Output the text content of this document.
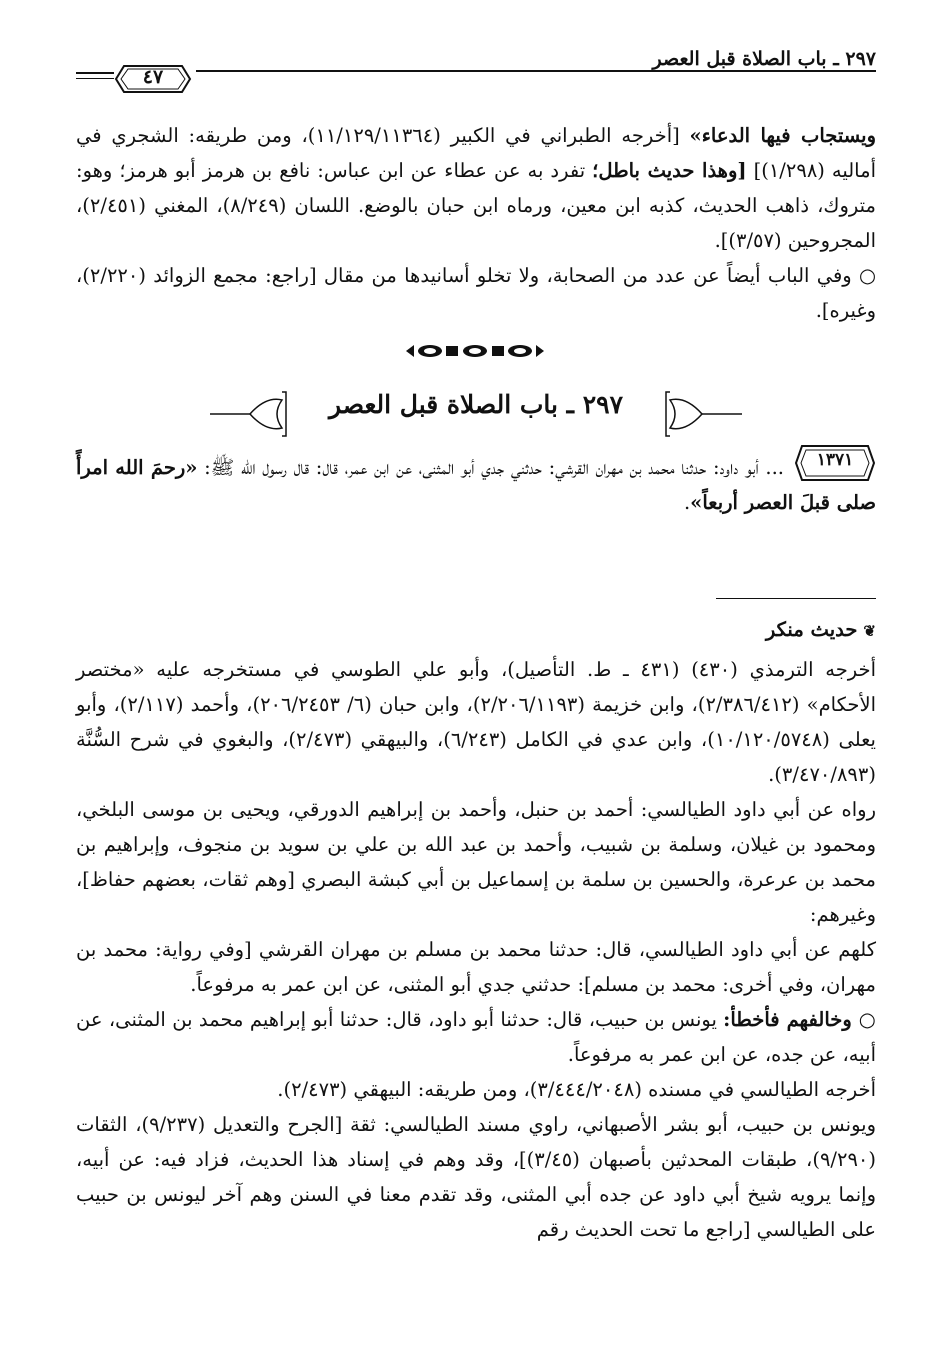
٢٩٧ ـ باب الصلاة قبل العصر
٤٧

ويستجاب فيها الدعاء» [أخرجه الطبراني في الكبير (١١/١٢٩/١١٣٦٤)، ومن طريقه: الشجري في أماليه (١/٢٩٨)] [وهذا حديث باطل؛ تفرد به عن عطاء عن ابن عباس: نافع بن هرمز أبو هرمز؛ وهو: متروك، ذاهب الحديث، كذبه ابن معين، ورماه ابن حبان بالوضع. اللسان (٨/٢٤٩)، المغني (٢/٤٥١)، المجروحين (٣/٥٧)].

○ وفي الباب أيضاً عن عدد من الصحابة، ولا تخلو أسانيدها من مقال [راجع: مجمع الزوائد (٢/٢٢٠)، وغيره].

٢٩٧ ـ باب الصلاة قبل العصر
١٣٧١

... أبو داود: حدثنا محمد بن مهران القرشي: حدثني جدي أبو المثنى، عن ابن عمر، قال: قال رسول الله ﷺ: «رحمَ الله امرأً صلى قبلَ العصر أربعاً».

❦حديث منكر

أخرجه الترمذي (٤٣٠) (٤٣١ ـ ط. التأصيل)، وأبو علي الطوسي في مستخرجه عليه «مختصر الأحكام» (٢/٣٨٦/٤١٢)، وابن خزيمة (٢/٢٠٦/١١٩٣)، وابن حبان (٦/ ٢٠٦/٢٤٥٣)، وأحمد (٢/١١٧)، وأبو يعلى (١٠/١٢٠/٥٧٤٨)، وابن عدي في الكامل (٦/٢٤٣)، والبيهقي (٢/٤٧٣)، والبغوي في شرح السُّنَّة (٣/٤٧٠/٨٩٣).

رواه عن أبي داود الطيالسي: أحمد بن حنبل، وأحمد بن إبراهيم الدورقي، ويحيى بن موسى البلخي، ومحمود بن غيلان، وسلمة بن شبيب، وأحمد بن عبد الله بن علي بن سويد بن منجوف، وإبراهيم بن محمد بن عرعرة، والحسين بن سلمة بن إسماعيل بن أبي كبشة البصري [وهم ثقات، بعضهم حفاظ]، وغيرهم:

كلهم عن أبي داود الطيالسي، قال: حدثنا محمد بن مسلم بن مهران القرشي [وفي رواية: محمد بن مهران، وفي أخرى: محمد بن مسلم]: حدثني جدي أبو المثنى، عن ابن عمر به مرفوعاً.

○ وخالفهم فأخطأ: يونس بن حبيب، قال: حدثنا أبو داود، قال: حدثنا أبو إبراهيم محمد بن المثنى، عن أبيه، عن جده، عن ابن عمر به مرفوعاً.

أخرجه الطيالسي في مسنده (٣/٤٤٤/٢٠٤٨)، ومن طريقه: البيهقي (٢/٤٧٣).

ويونس بن حبيب، أبو بشر الأصبهاني، راوي مسند الطيالسي: ثقة [الجرح والتعديل (٩/٢٣٧)، الثقات (٩/٢٩٠)، طبقات المحدثين بأصبهان (٣/٤٥)]، وقد وهم في إسناد هذا الحديث، فزاد فيه: عن أبيه، وإنما يرويه شيخ أبي داود عن جده أبي المثنى، وقد تقدم معنا في السنن وهم آخر ليونس بن حبيب على الطيالسي [راجع ما تحت الحديث رقم
